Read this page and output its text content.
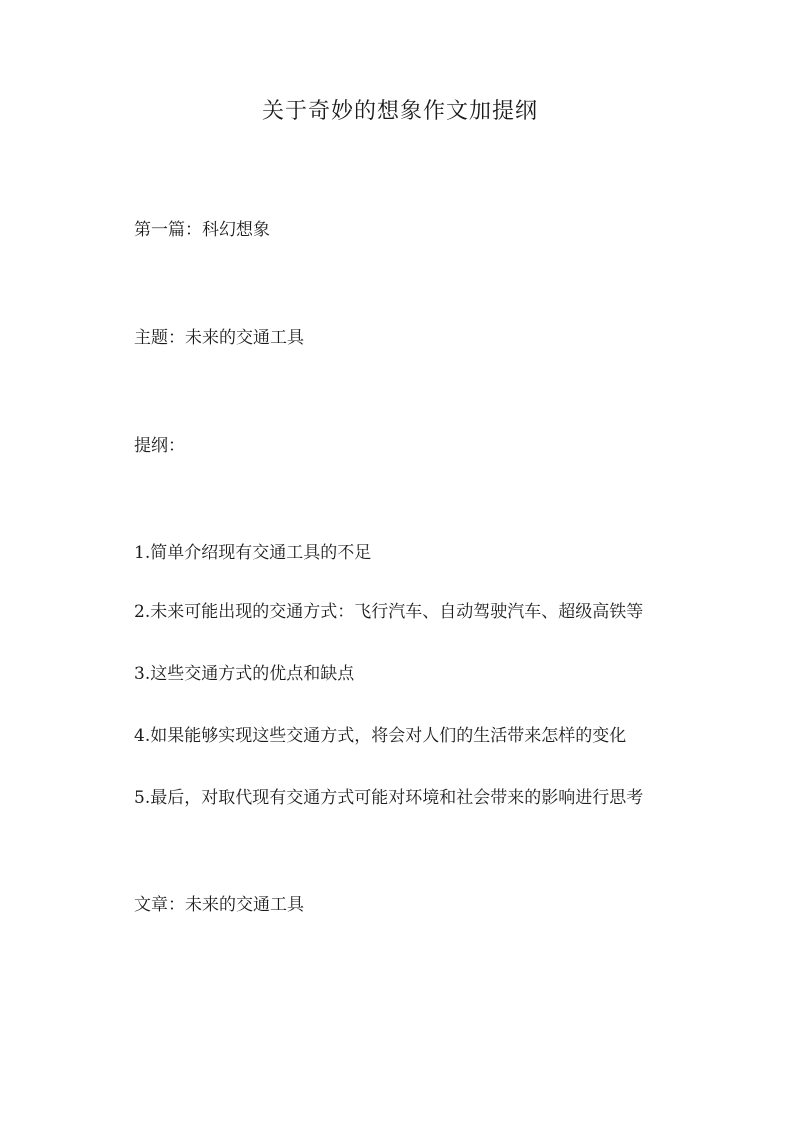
关于奇妙的想象作文加提纲

第一篇：科幻想象

主题：未来的交通工具

提纲：

1.简单介绍现有交通工具的不足

2.未来可能出现的交通方式：飞行汽车、自动驾驶汽车、超级高铁等

3.这些交通方式的优点和缺点

4.如果能够实现这些交通方式，将会对人们的生活带来怎样的变化

5.最后，对取代现有交通方式可能对环境和社会带来的影响进行思考

文章：未来的交通工具
